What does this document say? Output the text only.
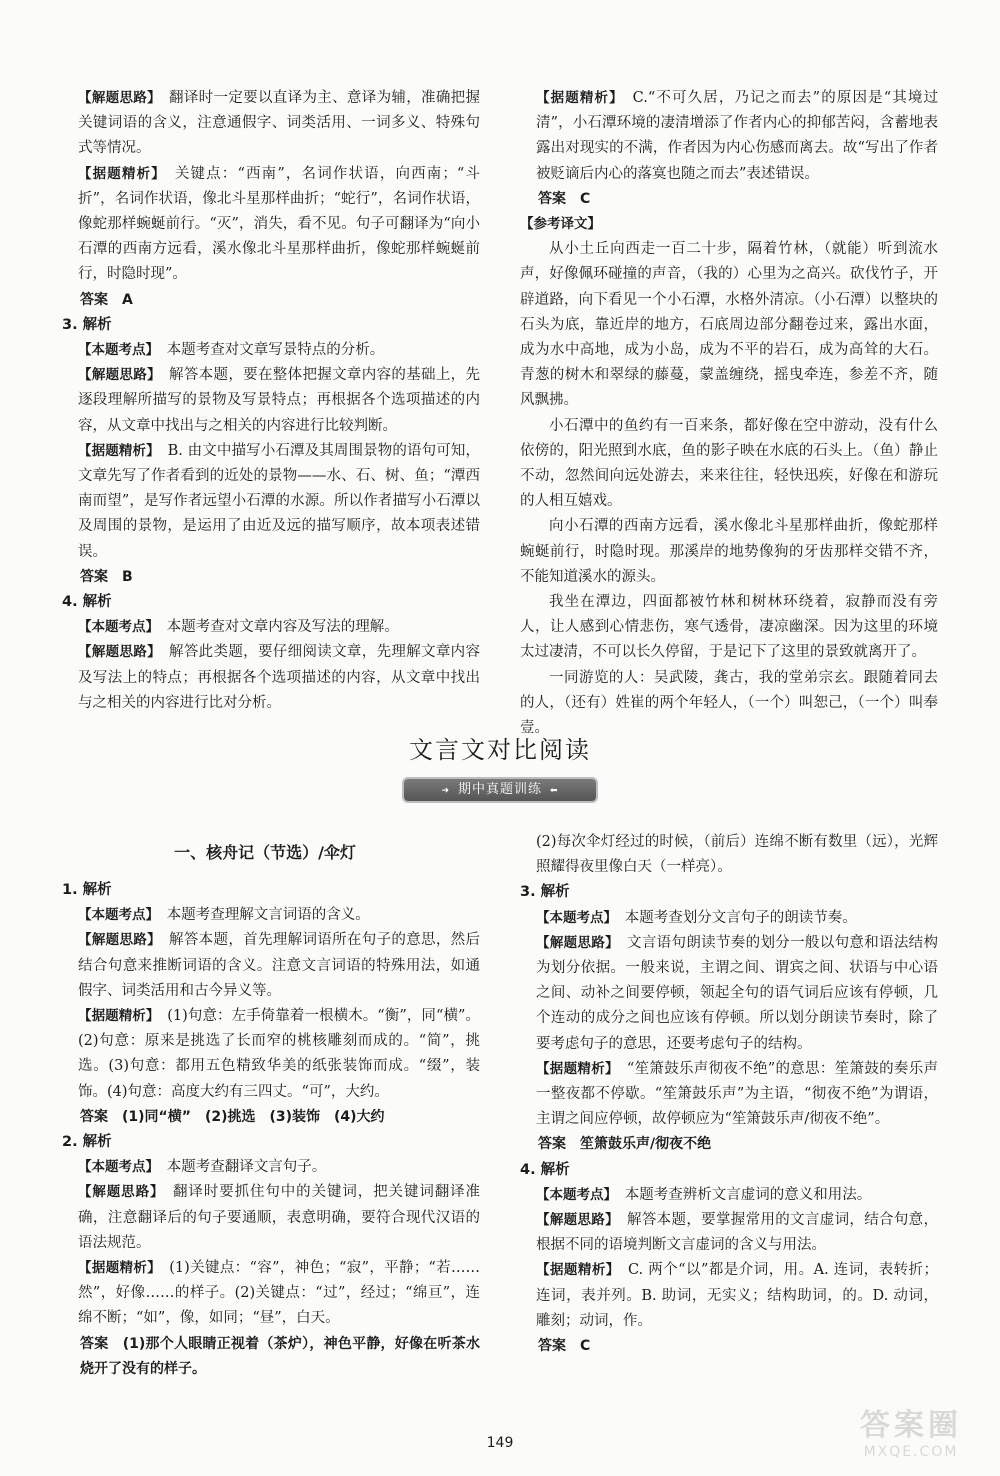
【解题思路】　 翻译时一定要以直译为主、意译为辅，准确把握关键词语的含义，注意通假字、词类活用、一词多义、特殊句式等情况。

【据题精析】　 关键点：“西南”，名词作状语，向西南；“斗折”，名词作状语，像北斗星那样曲折；“蛇行”，名词作状语，像蛇那样蜿蜒前行。“灭”，消失，看不见。句子可翻译为“向小石潭的西南方远看，溪水像北斗星那样曲折，像蛇那样蜿蜒前行，时隐时现”。

答案　A

3. 解析

【本题考点】　 本题考查对文章写景特点的分析。

【解题思路】　 解答本题，要在整体把握文章内容的基础上，先逐段理解所描写的景物及写景特点；再根据各个选项描述的内容，从文章中找出与之相关的内容进行比较判断。

【据题精析】　 B. 由文中描写小石潭及其周围景物的语句可知，文章先写了作者看到的近处的景物——水、石、树、鱼；“潭西南而望”，是写作者远望小石潭的水源。所以作者描写小石潭以及周围的景物，是运用了由近及远的描写顺序，故本项表述错误。

答案　B

4. 解析

【本题考点】　 本题考查对文章内容及写法的理解。

【解题思路】　 解答此类题，要仔细阅读文章，先理解文章内容及写法上的特点；再根据各个选项描述的内容，从文章中找出与之相关的内容进行比对分析。

【据题精析】　 C.“不可久居，乃记之而去”的原因是“其境过清”，小石潭环境的凄清增添了作者内心的抑郁苦闷，含蓄地表露出对现实的不满，作者因为内心伤感而离去。故“写出了作者被贬谪后内心的落寞也随之而去”表述错误。

答案　C

【参考译文】

从小土丘向西走一百二十步，隔着竹林，（就能）听到流水声，好像佩环碰撞的声音，（我的）心里为之高兴。砍伐竹子，开辟道路，向下看见一个小石潭，水格外清凉。（小石潭）以整块的石头为底，靠近岸的地方，石底周边部分翻卷过来，露出水面，成为水中高地，成为小岛，成为不平的岩石，成为高耸的大石。青葱的树木和翠绿的藤蔓，蒙盖缠绕，摇曳牵连，参差不齐，随风飘拂。

小石潭中的鱼约有一百来条，都好像在空中游动，没有什么依傍的，阳光照到水底，鱼的影子映在水底的石头上。（鱼）静止不动，忽然间向远处游去，来来往往，轻快迅疾，好像在和游玩的人相互嬉戏。

向小石潭的西南方远看，溪水像北斗星那样曲折，像蛇那样蜿蜒前行，时隐时现。那溪岸的地势像狗的牙齿那样交错不齐，不能知道溪水的源头。

我坐在潭边，四面都被竹林和树林环绕着，寂静而没有旁人，让人感到心情悲伤，寒气透骨，凄凉幽深。因为这里的环境太过凄清，不可以长久停留，于是记下了这里的景致就离开了。

一同游览的人：吴武陵，龚古，我的堂弟宗玄。跟随着同去的人，（还有）姓崔的两个年轻人，（一个）叫恕己，（一个）叫奉壹。

文言文对比阅读
➜ 期中真题训练 ⬅
一、核舟记（节选）/伞灯

1. 解析

【本题考点】　 本题考查理解文言词语的含义。

【解题思路】　 解答本题，首先理解词语所在句子的意思，然后结合句意来推断词语的含义。注意文言词语的特殊用法，如通假字、词类活用和古今异义等。

【据题精析】　 (1)句意：左手倚靠着一根横木。“衡”，同“横”。(2)句意：原来是挑选了长而窄的桃核雕刻而成的。“简”，挑选。(3)句意：都用五色精致华美的纸张装饰而成。“缀”，装饰。(4)句意：高度大约有三四丈。“可”，大约。

答案　(1)同“横”　(2)挑选　(3)装饰　(4)大约

2. 解析

【本题考点】　 本题考查翻译文言句子。

【解题思路】　 翻译时要抓住句中的关键词，把关键词翻译准确，注意翻译后的句子要通顺，表意明确，要符合现代汉语的语法规范。

【据题精析】　 (1)关键点：“容”，神色；“寂”，平静；“若……然”，好像……的样子。(2)关键点：“过”，经过；“绵亘”，连绵不断；“如”，像，如同；“昼”，白天。

答案　(1)那个人眼睛正视着（茶炉），神色平静，好像在听茶水烧开了没有的样子。

(2)每次伞灯经过的时候，（前后）连绵不断有数里（远），光辉照耀得夜里像白天（一样亮）。

3. 解析

【本题考点】　 本题考查划分文言句子的朗读节奏。

【解题思路】　 文言语句朗读节奏的划分一般以句意和语法结构为划分依据。一般来说，主谓之间、谓宾之间、状语与中心语之间、动补之间要停顿，领起全句的语气词后应该有停顿，几个连动的成分之间也应该有停顿。所以划分朗读节奏时，除了要考虑句子的意思，还要考虑句子的结构。

【据题精析】　 “笙箫鼓乐声彻夜不绝”的意思：笙箫鼓的奏乐声一整夜都不停歇。“笙箫鼓乐声”为主语，“彻夜不绝”为谓语，主谓之间应停顿，故停顿应为“笙箫鼓乐声/彻夜不绝”。

答案　笙箫鼓乐声/彻夜不绝

4. 解析

【本题考点】　 本题考查辨析文言虚词的意义和用法。

【解题思路】　 解答本题，要掌握常用的文言虚词，结合句意，根据不同的语境判断文言虚词的含义与用法。

【据题精析】　 C. 两个“以”都是介词，用。A. 连词，表转折；连词，表并列。B. 助词，无实义；结构助词，的。D. 动词，雕刻；动词，作。

答案　C

149	答案圈
MXQE.COM
